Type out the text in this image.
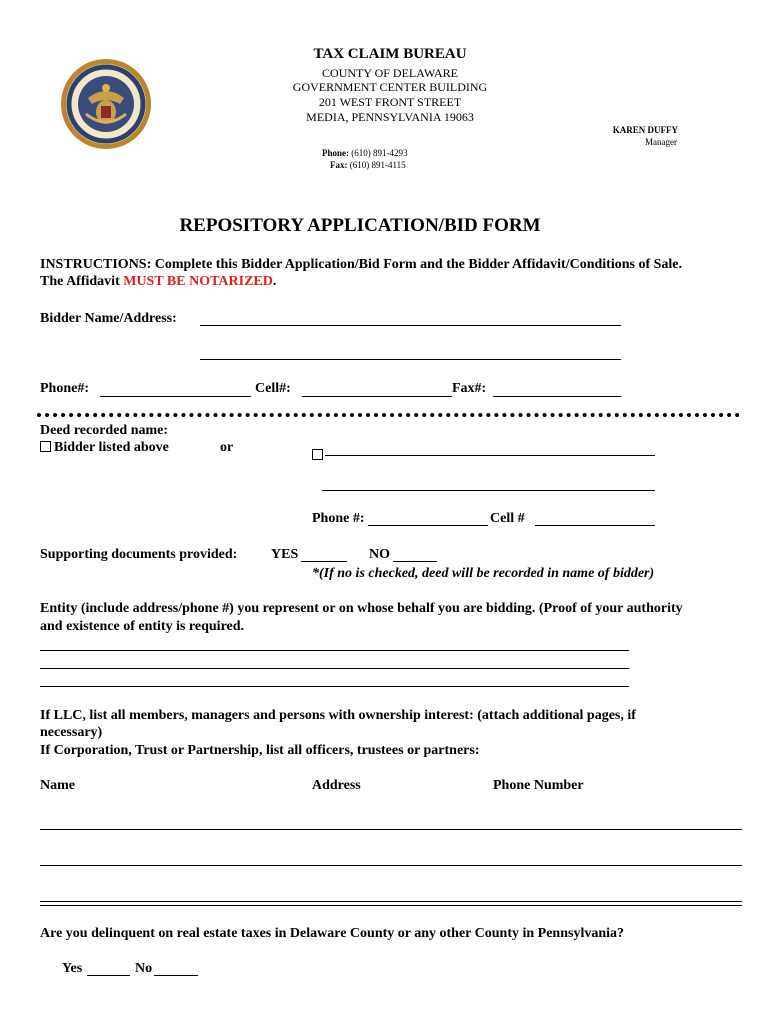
TAX CLAIM BUREAU
COUNTY OF DELAWARE
GOVERNMENT CENTER BUILDING
201 WEST FRONT STREET
MEDIA, PENNSYLVANIA 19063
Phone: (610) 891-4293
Fax: (610) 891-4115
KAREN DUFFY
Manager
REPOSITORY APPLICATION/BID FORM
INSTRUCTIONS: Complete this Bidder Application/Bid Form and the Bidder Affidavit/Conditions of Sale.
The Affidavit MUST BE NOTARIZED.
Bidder Name/Address:
Phone#:	Cell#:	Fax#:
Deed recorded name:
Bidder listed above	or
Phone #:	Cell #
Supporting documents provided: YES	NO
*(If no is checked, deed will be recorded in name of bidder)
Entity (include address/phone #) you represent or on whose behalf you are bidding. (Proof of your authority
and existence of entity is required.
If LLC, list all members, managers and persons with ownership interest: (attach additional pages, if
necessary)
If Corporation, Trust or Partnership, list all officers, trustees or partners:
Name	Address	Phone Number
Are you delinquent on real estate taxes in Delaware County or any other County in Pennsylvania?
Yes	No
